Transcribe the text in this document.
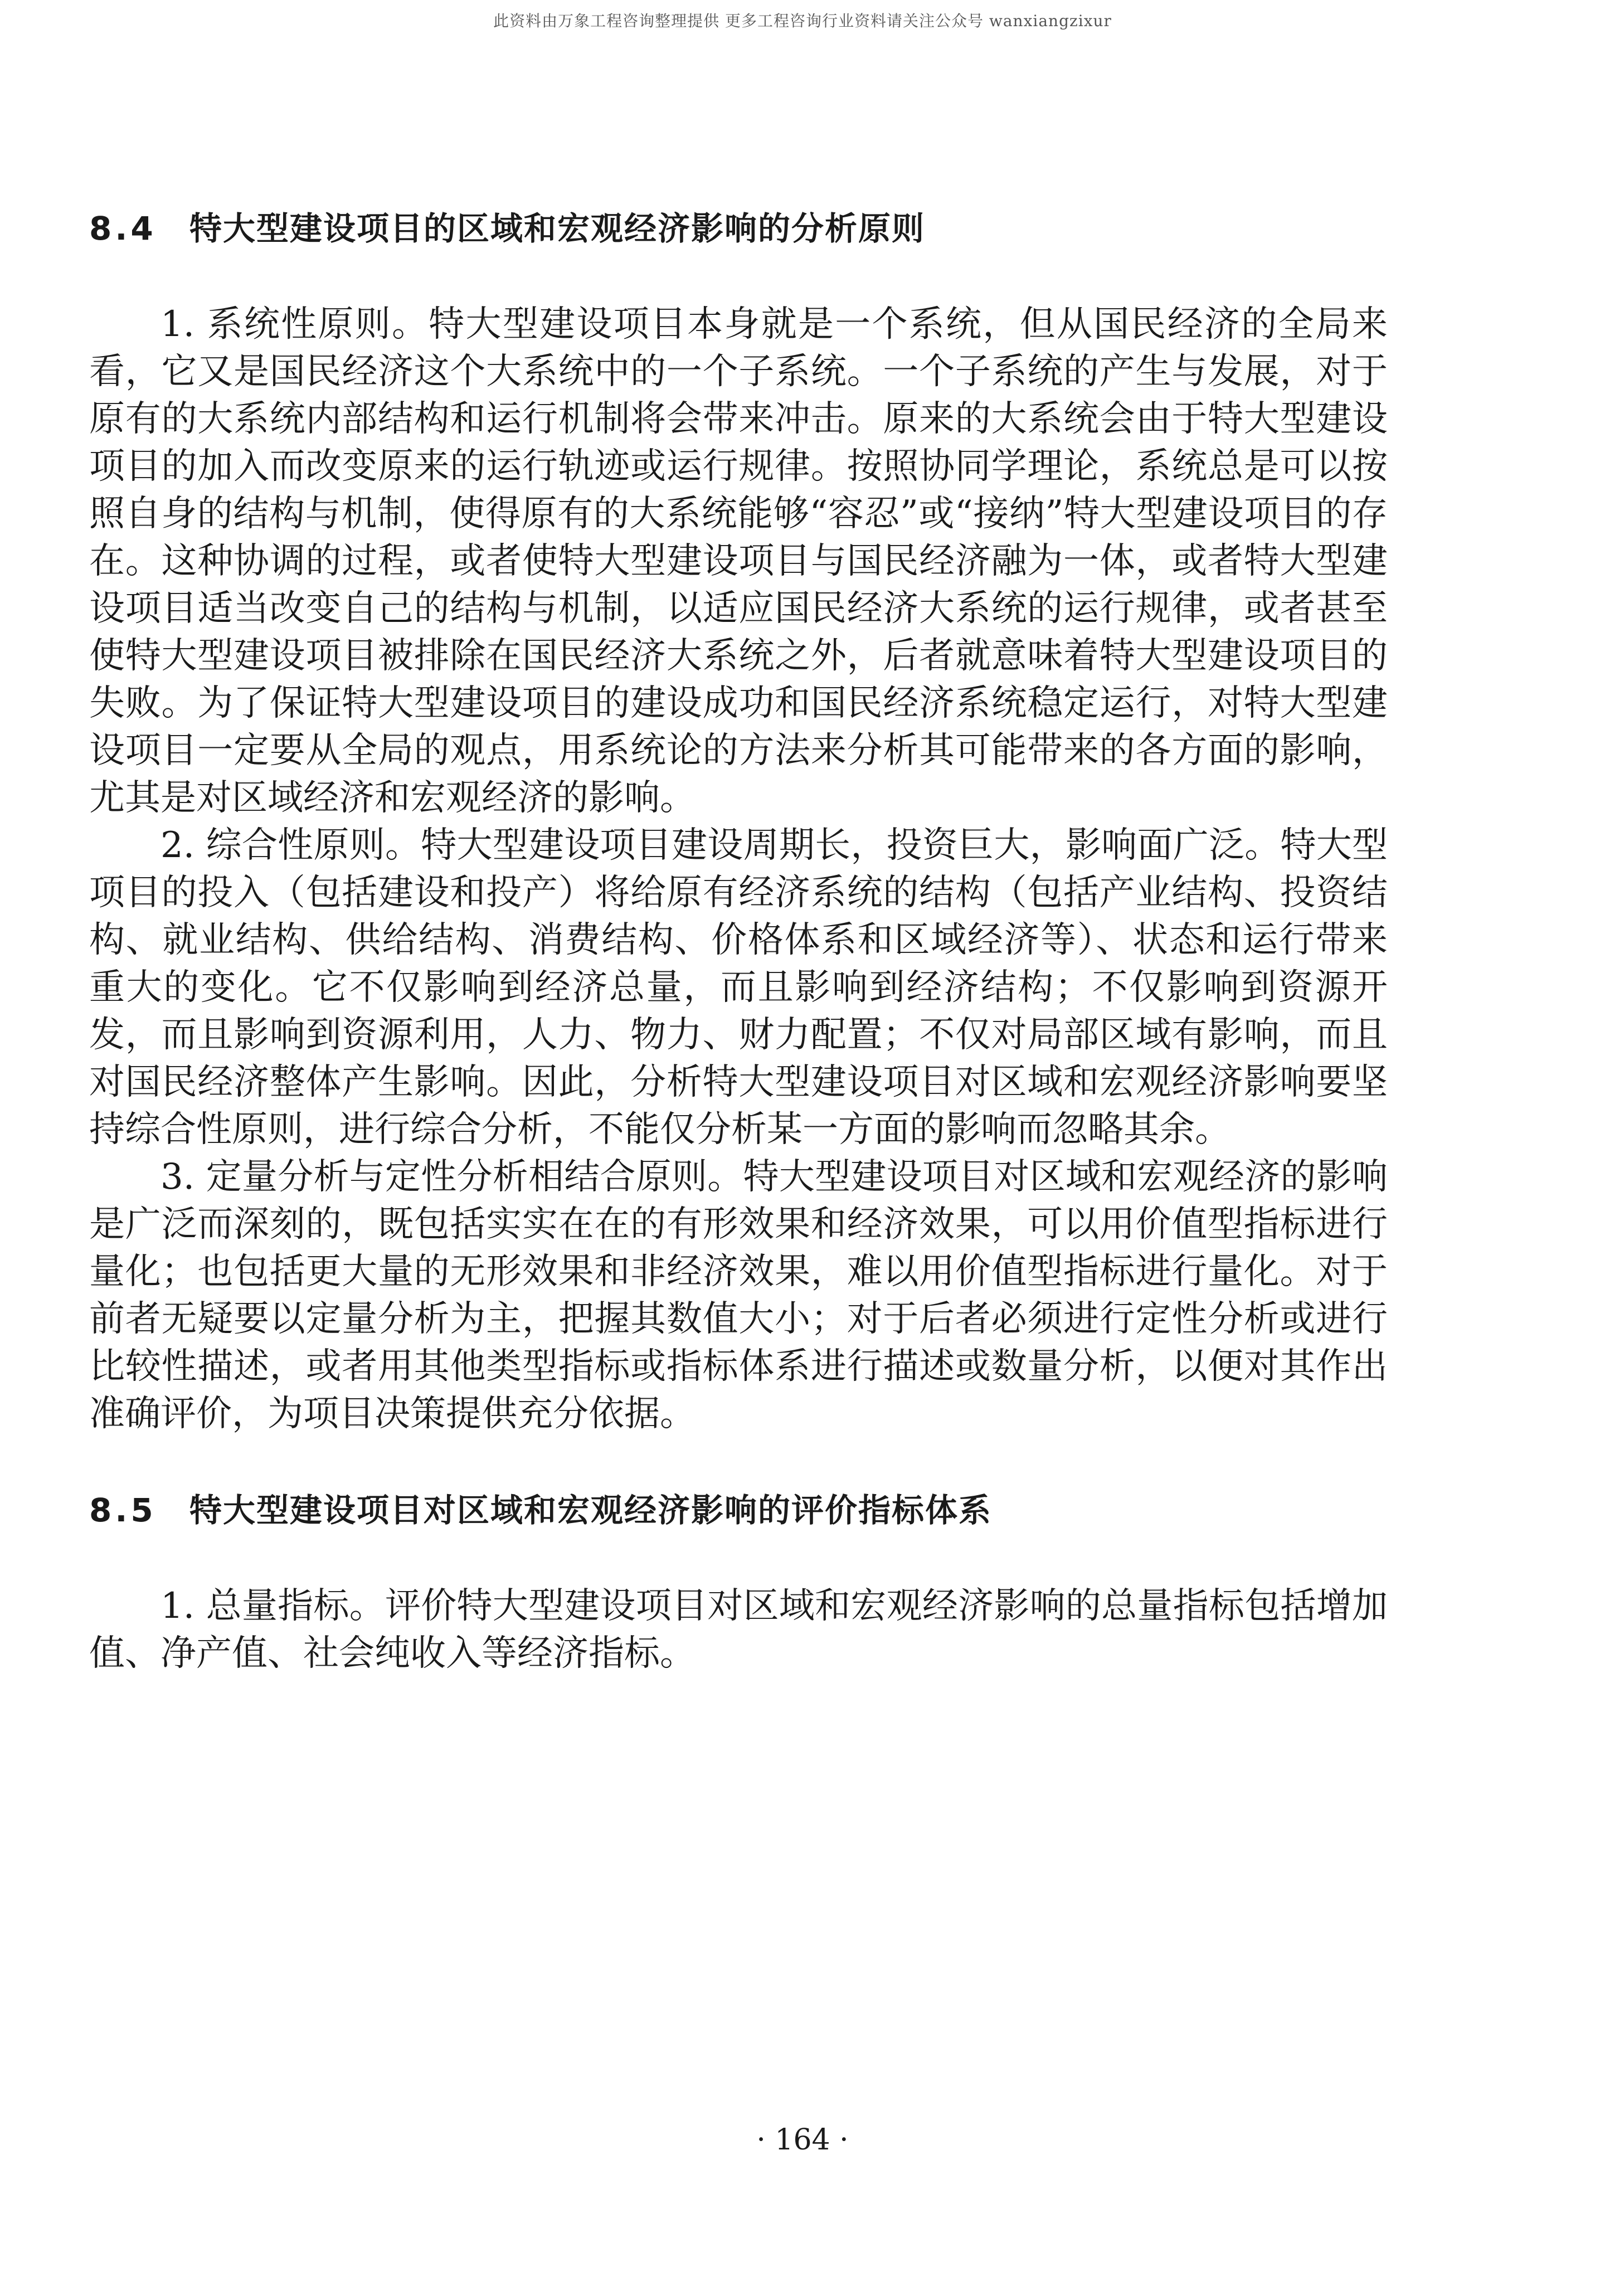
此资料由万象工程咨询整理提供 更多工程咨询行业资料请关注公众号 wanxiangzixur
8.4 特大型建设项目的区域和宏观经济影响的分析原则

1. 系统性原则。特大型建设项目本身就是一个系统，但从国民经济的全局来看，它又是国民经济这个大系统中的一个子系统。一个子系统的产生与发展，对于原有的大系统内部结构和运行机制将会带来冲击。原来的大系统会由于特大型建设项目的加入而改变原来的运行轨迹或运行规律。按照协同学理论，系统总是可以按照自身的结构与机制，使得原有的大系统能够“容忍”或“接纳”特大型建设项目的存在。这种协调的过程，或者使特大型建设项目与国民经济融为一体，或者特大型建设项目适当改变自己的结构与机制，以适应国民经济大系统的运行规律，或者甚至使特大型建设项目被排除在国民经济大系统之外，后者就意味着特大型建设项目的失败。为了保证特大型建设项目的建设成功和国民经济系统稳定运行，对特大型建设项目一定要从全局的观点，用系统论的方法来分析其可能带来的各方面的影响，尤其是对区域经济和宏观经济的影响。

2. 综合性原则。特大型建设项目建设周期长，投资巨大，影响面广泛。特大型项目的投入（包括建设和投产）将给原有经济系统的结构（包括产业结构、投资结构、就业结构、供给结构、消费结构、价格体系和区域经济等）、状态和运行带来重大的变化。它不仅影响到经济总量，而且影响到经济结构；不仅影响到资源开发，而且影响到资源利用，人力、物力、财力配置；不仅对局部区域有影响，而且对国民经济整体产生影响。因此，分析特大型建设项目对区域和宏观经济影响要坚持综合性原则，进行综合分析，不能仅分析某一方面的影响而忽略其余。

3. 定量分析与定性分析相结合原则。特大型建设项目对区域和宏观经济的影响是广泛而深刻的，既包括实实在在的有形效果和经济效果，可以用价值型指标进行量化；也包括更大量的无形效果和非经济效果，难以用价值型指标进行量化。对于前者无疑要以定量分析为主，把握其数值大小；对于后者必须进行定性分析或进行比较性描述，或者用其他类型指标或指标体系进行描述或数量分析，以便对其作出准确评价，为项目决策提供充分依据。

8.5 特大型建设项目对区域和宏观经济影响的评价指标体系

1. 总量指标。评价特大型建设项目对区域和宏观经济影响的总量指标包括增加值、净产值、社会纯收入等经济指标。

· 164 ·
